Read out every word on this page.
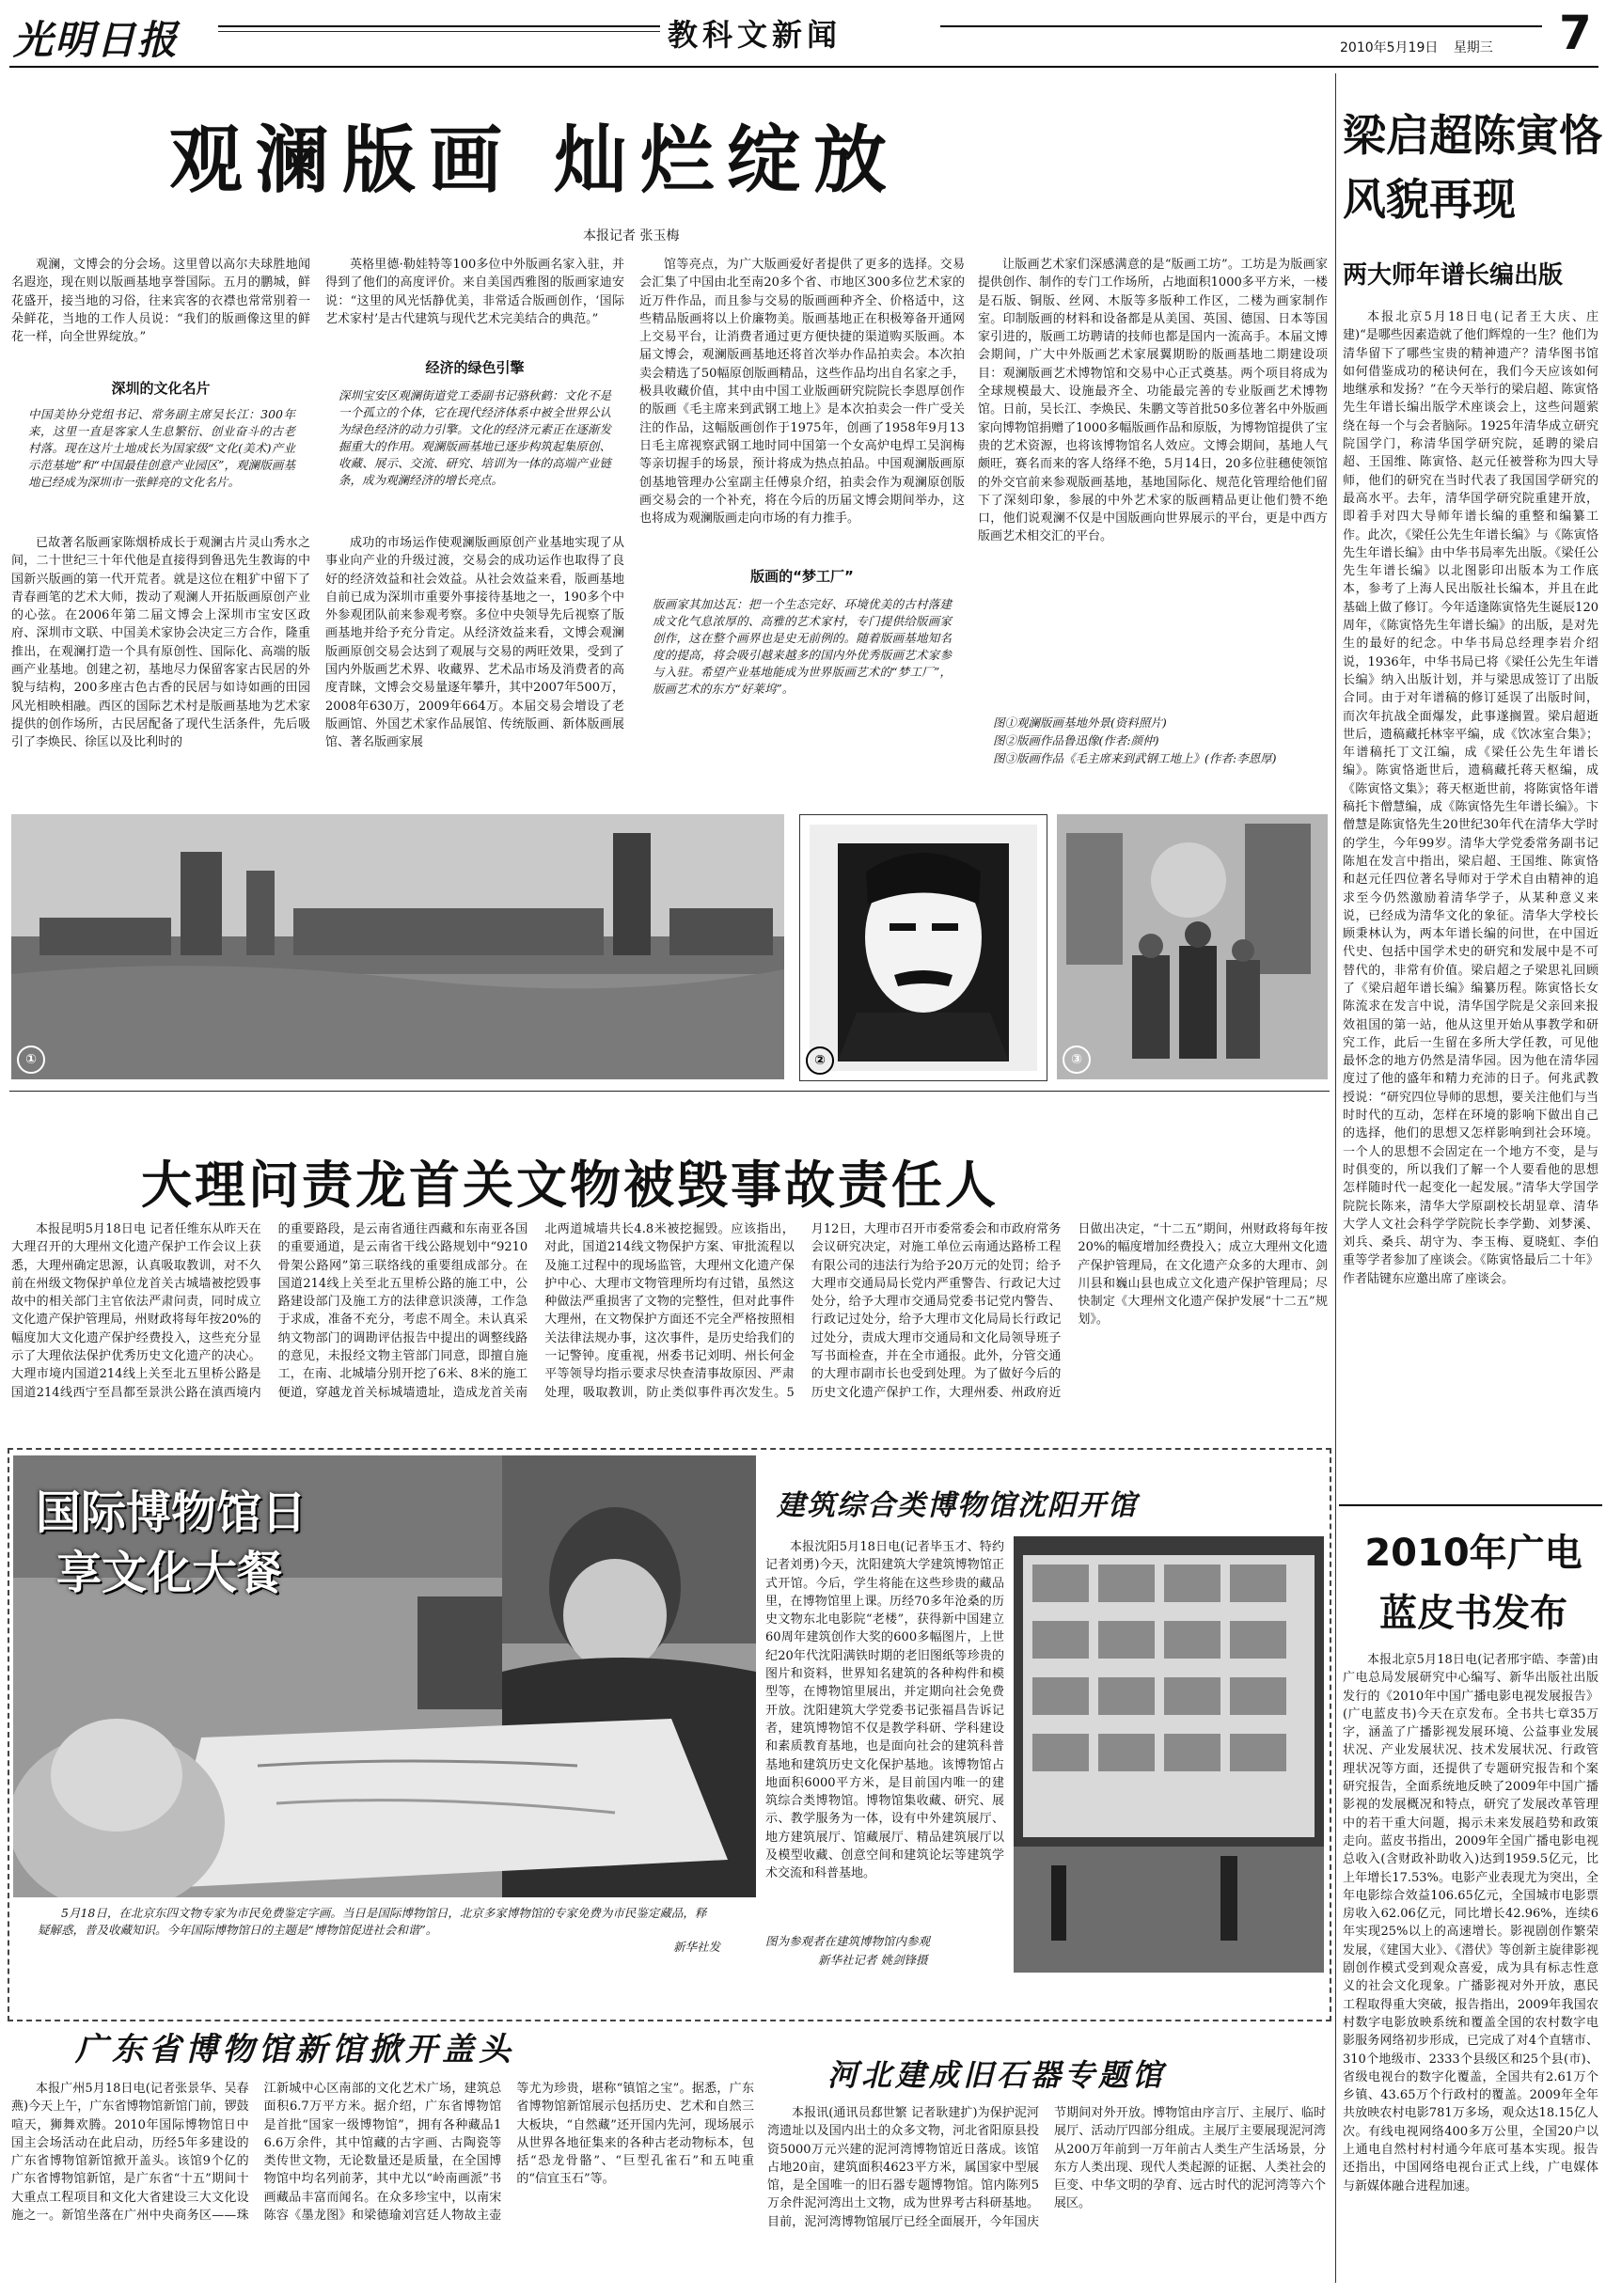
光明日报	教科文新闻	2010年5月19日 星期三 7
观澜版画 灿烂绽放
本报记者 张玉梅
观澜，文博会的分会场。这里曾以高尔夫球胜地闻名遐迩，现在则以版画基地享誉国际。五月的鹏城，鲜花盛开，接当地的习俗，往来宾客的衣襟也常常别着一朵鲜花，当地的工作人员说：“我们的版画像这里的鲜花一样，向全世界绽放。”
深圳的文化名片
中国美协分党组书记、常务副主席吴长江：300年来，这里一直是客家人生息繁衍、创业奋斗的古老村落。现在这片土地成长为国家级“文化(美术)产业示范基地”和“中国最佳创意产业园区”，观澜版画基地已经成为深圳市一张鲜亮的文化名片。
已故著名版画家陈烟桥成长于观澜古片灵山秀水之间，二十世纪三十年代他是直接得到鲁迅先生教诲的中国新兴版画的第一代开荒者。就是这位在粗犷中留下了青春画笔的艺术大师，拨动了观澜人开拓版画原创产业的心弦。在2006年第二届文博会上深圳市宝安区政府、深圳市文联、中国美术家协会决定三方合作，隆重推出，在观澜打造一个具有原创性、国际化、高端的版画产业基地。创建之初，基地尽力保留客家古民居的外貌与结构，200多座古色古香的民居与如诗如画的田园风光相映相融。西区的国际艺术村是版画基地为艺术家提供的创作场所，古民居配备了现代生活条件，先后吸引了李焕民、徐匡以及比利时的
英格里德·勒娃特等100多位中外版画名家入驻，并得到了他们的高度评价。来自美国西雅图的版画家迪安说：“这里的风光恬静优美，非常适合版画创作，‘国际艺术家村’是古代建筑与现代艺术完美结合的典范。”
经济的绿色引擎
深圳宝安区观澜街道党工委副书记骆秋鹤：文化不是一个孤立的个体，它在现代经济体系中被全世界公认为绿色经济的动力引擎。文化的经济元素正在逐渐发掘重大的作用。观澜版画基地已逐步构筑起集原创、收藏、展示、交流、研究、培训为一体的高端产业链条，成为观澜经济的增长亮点。
成功的市场运作使观澜版画原创产业基地实现了从事业向产业的升级过渡，交易会的成功运作也取得了良好的经济效益和社会效益。从社会效益来看，版画基地自前已成为深圳市重要外事接待基地之一，190多个中外参观团队前来参观考察。多位中央领导先后视察了版画基地并给予充分肯定。从经济效益来看，文博会观澜版画原创交易会达到了观展与交易的两旺效果，受到了国内外版画艺术界、收藏界、艺术品市场及消费者的高度青睐，文博会交易量逐年攀升，其中2007年500万，2008年630万，2009年664万。本届交易会增设了老版画馆、外国艺术家作品展馆、传统版画、新体版画展馆、著名版画家展
馆等亮点，为广大版画爱好者提供了更多的选择。交易会汇集了中国由北至南20多个省、市地区300多位艺术家的近万件作品，而且参与交易的版画画种齐全、价格适中，这些精品版画将以上价廉物美。版画基地正在积极筹备开通网上交易平台，让消费者通过更方便快捷的渠道购买版画。本届文博会，观澜版画基地还将首次举办作品拍卖会。本次拍卖会精选了50幅原创版画精品，这些作品均出自名家之手，极具收藏价值，其中由中国工业版画研究院院长李恩厚创作的版画《毛主席来到武钢工地上》是本次拍卖会一件广受关注的作品，这幅版画创作于1975年，创画了1958年9月13日毛主席视察武钢工地时同中国第一个女高炉电焊工吴润梅等亲切握手的场景，预计将成为热点拍品。中国观澜版画原创基地管理办公室副主任傅泉介绍，拍卖会作为观澜原创版画交易会的一个补充，将在今后的历届文博会期间举办，这也将成为观澜版画走向市场的有力推手。
版画的“梦工厂”
版画家其加达瓦：把一个生态完好、环境优美的古村落建成文化气息浓厚的、高雅的艺术家村，专门提供给版画家创作，这在整个画界也是史无前例的。随着版画基地知名度的提高，将会吸引越来越多的国内外优秀版画艺术家参与入驻。希望产业基地能成为世界版画艺术的“梦工厂”，版画艺术的东方“好莱坞”。
让版画艺术家们深感满意的是“版画工坊”。工坊是为版画家提供创作、制作的专门工作场所，占地面积1000多平方米，一楼是石版、铜版、丝网、木版等多版种工作区，二楼为画家制作室。印制版画的材料和设备都是从美国、英国、德国、日本等国家引进的，版画工坊聘请的技师也都是国内一流高手。本届文博会期间，广大中外版画艺术家展翼期盼的版画基地二期建设项目：观澜版画艺术博物馆和交易中心正式奠基。两个项目将成为全球规模最大、设施最齐全、功能最完善的专业版画艺术博物馆。日前，吴长江、李焕民、朱鹏文等首批50多位著名中外版画家向博物馆捐赠了1000多幅版画作品和原版，为博物馆提供了宝贵的艺术资源，也将该博物馆名人效应。文博会期间，基地人气颇旺，赛名而来的客人络绎不绝，5月14日，20多位驻穗使领馆的外交官前来参观版画基地，基地国际化、规范化管理给他们留下了深刻印象，参展的中外艺术家的版画精品更让他们赞不绝口，他们说观澜不仅是中国版画向世界展示的平台，更是中西方版画艺术相交汇的平台。
图①观澜版画基地外景(资料照片)
图②版画作品鲁迅像(作者:颜仲)
图③版画作品《毛主席来到武钢工地上》(作者:李恩厚)
①	②	③
梁启超陈寅恪
风貌再现
两大师年谱长编出版
本报北京5月18日电(记者王大庆、庄建)“是哪些因素造就了他们辉煌的一生？他们为清华留下了哪些宝贵的精神遗产？清华图书馆如何借鉴成功的秘诀何在，我们今天应该如何地继承和发扬？”在今天举行的梁启超、陈寅恪先生年谱长编出版学术座谈会上，这些问题萦绕在每一个与会者脑际。1925年清华成立研究院国学门，称清华国学研究院，延聘的梁启超、王国维、陈寅恪、赵元任被誉称为四大导师，他们的研究在当时代表了我国国学研究的最高水平。去年，清华国学研究院重建开放，即着手对四大导师年谱长编的重整和编纂工作。此次，《梁任公先生年谱长编》与《陈寅恪先生年谱长编》由中华书局率先出版。《梁任公先生年谱长编》以北图影印出版本为工作底本，参考了上海人民出版社长编本，并且在此基础上做了修订。今年适逢陈寅恪先生诞辰120周年，《陈寅恪先生年谱长编》的出版，是对先生的最好的纪念。中华书局总经理李岩介绍说，1936年，中华书局已将《梁任公先生年谱长编》纳入出版计划，并与梁思成签订了出版合同。由于对年谱稿的修订延误了出版时间，而次年抗战全面爆发，此事遂搁置。梁启超逝世后，遗稿藏托林宰平编，成《饮冰室合集》；年谱稿托丁文江编，成《梁任公先生年谱长编》。陈寅恪逝世后，遗稿藏托蒋天枢编，成《陈寅恪文集》；蒋天枢逝世前，将陈寅恪年谱稿托卞僧慧编，成《陈寅恪先生年谱长编》。卞僧慧是陈寅恪先生20世纪30年代在清华大学时的学生，今年99岁。清华大学党委常务副书记陈旭在发言中指出，梁启超、王国维、陈寅恪和赵元任四位著名导师对于学术自由精神的追求至今仍然激励着清华学子，从某种意义来说，已经成为清华文化的象征。清华大学校长顾秉林认为，两本年谱长编的问世，在中国近代史、包括中国学术史的研究和发展中是不可替代的，非常有价值。梁启超之子梁思礼回顾了《梁启超年谱长编》编纂历程。陈寅恪长女陈流求在发言中说，清华国学院是父亲回来报效祖国的第一站，他从这里开始从事教学和研究工作，此后一生留在多所大学任教，可见他最怀念的地方仍然是清华园。因为他在清华园度过了他的盛年和精力充沛的日子。何兆武教授说：“研究四位导师的思想，要关注他们与当时时代的互动，怎样在环境的影响下做出自己的选择，他们的思想又怎样影响到社会环境。一个人的思想不会固定在一个地方不变，是与时俱变的，所以我们了解一个人要看他的思想怎样随时代一起变化一起发展。”清华大学国学院院长陈来，清华大学原副校长胡显章、清华大学人文社会科学学院院长李学勤、刘梦溪、刘兵、桑兵、胡守为、李玉梅、夏晓虹、李伯重等学者参加了座谈会。《陈寅恪最后二十年》作者陆键东应邀出席了座谈会。
大理问责龙首关文物被毁事故责任人
本报昆明5月18日电 记者任维东从昨天在大理召开的大理州文化遗产保护工作会议上获悉，大理州确定思源，认真吸取教训，对不久前在州级文物保护单位龙首关古城墙被挖毁事故中的相关部门主官依法严肃问责，同时成立文化遗产保护管理局，州财政将每年按20%的幅度加大文化遗产保护经费投入，这些充分显示了大理依法保护优秀历史文化遗产的决心。大理市境内国道214线上关至北五里桥公路是国道214线西宁至昌都至景洪公路在滇西境内的重要路段，是云南省通往西藏和东南亚各国的重要通道，是云南省干线公路规划中“9210骨架公路网”第三联络线的重要组成部分。在国道214线上关至北五里桥公路的施工中，公路建设部门及施工方的法律意识淡薄，工作急于求成，准备不充分，考虑不周全。未认真采纳文物部门的调勘评估报告中提出的调整线路的意见，未报经文物主管部门同意，即擅自施工，在南、北城墙分别开挖了6米、8米的施工便道，穿越龙首关标城墙遗址，造成龙首关南北两道城墙共长4.8米被挖掘毁。应该指出，对此，国道214线文物保护方案、审批流程以及施工过程中的现场监管，大理州文化遗产保护中心、大理市文物管理所均有过错，虽然这种做法严重损害了文物的完整性，但对此事件大理州，在文物保护方面还不完全严格按照相关法律法规办事，这次事件，是历史给我们的一记警钟。度重视，州委书记刘明、州长何金平等领导均指示要求尽快查清事故原因、严肃处理，吸取教训，防止类似事件再次发生。5月12日，大理市召开市委常委会和市政府常务会议研究决定，对施工单位云南通达路桥工程有限公司的违法行为给予20万元的处罚；给予大理市交通局局长党内严重警告、行政记大过处分，给予大理市交通局党委书记党内警告、行政记过处分，给予大理市文化局局长行政记过处分，责成大理市交通局和文化局领导班子写书面检查，并在全市通报。此外，分管交通的大理市副市长也受到处理。为了做好今后的历史文化遗产保护工作，大理州委、州政府近日做出决定，“十二五”期间，州财政将每年按20%的幅度增加经费投入；成立大理州文化遗产保护管理局，在文化遗产众多的大理市、剑川县和巍山县也成立文化遗产保护管理局；尽快制定《大理州文化遗产保护发展“十二五”规划》。
国际博物馆日
享文化大餐
5月18日，在北京东四文物专家为市民免费鉴定字画。当日是国际博物馆日，北京多家博物馆的专家免费为市民鉴定藏品，释疑解惑，普及收藏知识。今年国际博物馆日的主题是“博物馆促进社会和谐”。
新华社发
建筑综合类博物馆沈阳开馆
本报沈阳5月18日电(记者毕玉才、特约记者刘勇)今天，沈阳建筑大学建筑博物馆正式开馆。今后，学生将能在这些珍贵的藏品里，在博物馆里上课。历经70多年沧桑的历史文物东北电影院“老楼”，获得新中国建立60周年建筑创作大奖的600多幅图片，上世纪20年代沈阳满铁时期的老旧图纸等珍贵的图片和资料，世界知名建筑的各种构件和模型等，在博物馆里展出，并定期向社会免费开放。沈阳建筑大学党委书记张福昌告诉记者，建筑博物馆不仅是教学科研、学科建设和素质教育基地，也是面向社会的建筑科普基地和建筑历史文化保护基地。该博物馆占地面积6000平方米，是目前国内唯一的建筑综合类博物馆。博物馆集收藏、研究、展示、教学服务为一体，设有中外建筑展厅、地方建筑展厅、馆藏展厅、精品建筑展厅以及模型收藏、创意空间和建筑论坛等建筑学术交流和科普基地。
图为参观者在建筑博物馆内参观
新华社记者 姚剑锋摄
广东省博物馆新馆掀开盖头
本报广州5月18日电(记者张景华、吴春燕)今天上午，广东省博物馆新馆门前，锣鼓喧天，狮舞欢腾。2010年国际博物馆日中国主会场活动在此启动，历经5年多建设的广东省博物馆新馆掀开盖头。该馆9个亿的广东省博物馆新馆，是广东省“十五”期间十大重点工程项目和文化大省建设三大文化设施之一。新馆坐落在广州中央商务区——珠江新城中心区南部的文化艺术广场，建筑总面积6.7万平方米。据介绍，广东省博物馆是首批“国家一级博物馆”，拥有各种藏品16.6万余件，其中馆藏的古字画、古陶瓷等类传世文物，无论数量还是质量，在全国博物馆中均名列前茅，其中尤以“岭南画派”书画藏品丰富而闻名。在众多珍宝中，以南宋陈容《墨龙图》和梁德瑜刘宫廷人物故主壶等尤为珍贵，堪称“镇馆之宝”。据悉，广东省博物馆新馆展示包括历史、艺术和自然三大板块，“自然藏”还开国内先河，现场展示从世界各地征集来的各种古老动物标本，包括“恐龙骨骼”、“巨型孔雀石”和五吨重的“信宜玉石”等。
河北建成旧石器专题馆
本报讯(通讯员郄世繁 记者耿建扩)为保护泥河湾遗址以及国内出土的众多文物，河北省阳原县投资5000万元兴建的泥河湾博物馆近日落成。该馆占地20亩，建筑面积4623平方米，属国家中型展馆，是全国唯一的旧石器专题博物馆。馆内陈列5万余件泥河湾出土文物，成为世界考古科研基地。目前，泥河湾博物馆展厅已经全面展开，今年国庆节期间对外开放。博物馆由序言厅、主展厅、临时展厅、活动厅四部分组成。主展厅主要展现泥河湾从200万年前到一万年前古人类生产生活场景，分东方人类出现、现代人类起源的证据、人类社会的巨变、中华文明的孕育、远古时代的泥河湾等六个展区。
2010年广电
蓝皮书发布
本报北京5月18日电(记者邢宇皓、李蕾)由广电总局发展研究中心编写、新华出版社出版发行的《2010年中国广播电影电视发展报告》(广电蓝皮书)今天在京发布。全书共七章35万字，涵盖了广播影视发展环境、公益事业发展状况、产业发展状况、技术发展状况、行政管理状况等方面，还提供了专题研究报告和个案研究报告，全面系统地反映了2009年中国广播影视的发展概况和特点，研究了发展改革管理中的若干重大问题，揭示未来发展趋势和政策走向。蓝皮书指出，2009年全国广播电影电视总收入(含财政补助收入)达到1959.5亿元，比上年增长17.53%。电影产业表现尤为突出，全年电影综合效益106.65亿元，全国城市电影票房收入62.06亿元，同比增长42.96%，连续6年实现25%以上的高速增长。影视剧创作繁荣发展，《建国大业》、《潜伏》等创新主旋律影视剧创作模式受到观众喜爱，成为具有标志性意义的社会文化现象。广播影视对外开放，惠民工程取得重大突破，报告指出，2009年我国农村数字电影放映系统和覆盖全国的农村数字电影服务网络初步形成，已完成了对4个直辖市、310个地级市、2333个县级区和25个县(市)、省级电视台的数字化覆盖，全国共有2.61万个乡镇、43.65万个行政村的覆盖。2009年全年共放映农村电影781万多场，观众达18.15亿人次。有线电视网络400多万公里，全国20户以上通电自然村村村通今年底可基本实现。报告还指出，中国网络电视台正式上线，广电媒体与新媒体融合进程加速。
